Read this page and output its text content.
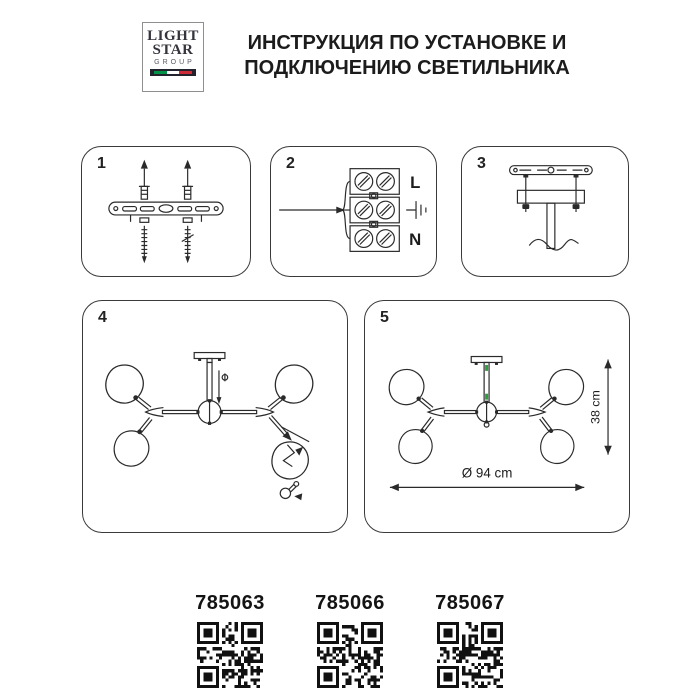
LIGHT
STAR
GROUP
ИНСТРУКЦИЯ ПО УСТАНОВКЕ И
ПОДКЛЮЧЕНИЮ СВЕТИЛЬНИКА
1	2
L
N
3
4	5
Ø 94 cm
38 cm
785063	785066	785067
